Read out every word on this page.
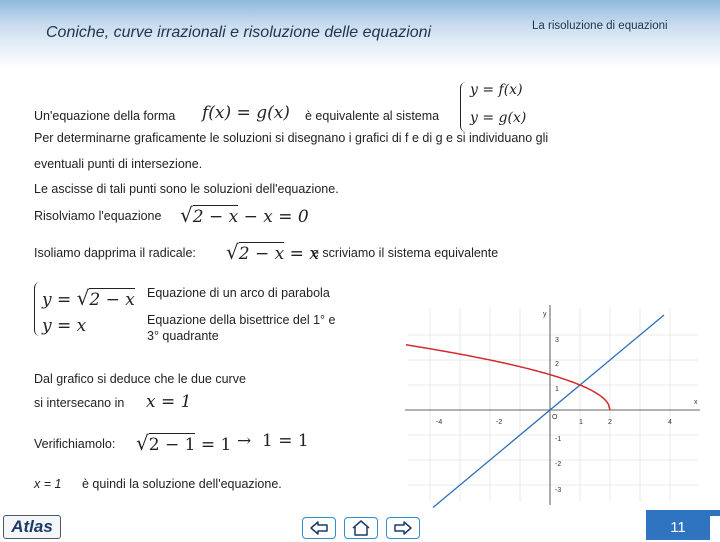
Coniche, curve irrazionali e risoluzione delle equazioni	La risoluzione di equazioni
Un'equazione della forma f(x) = g(x) è equivalente al sistema
y = f(x)
y = g(x)
Per determinarne graficamente le soluzioni si disegnano i grafici di f e di g e si individuano gli
eventuali punti di intersezione.
Le ascisse di tali punti sono le soluzioni dell'equazione.
Risolviamo l'equazione √2 − x − x = 0
Isoliamo dapprima il radicale: √2 − x = x
e scriviamo il sistema equivalente
y = √2 − x
y = x
Equazione di un arco di parabola
Equazione della bisettrice del 1° e
3° quadrante
Dal grafico si deduce che le due curve
si intersecano in x = 1
Verifichiamolo: √2 − 1 = 1 → 1 = 1
x = 1 è quindi la soluzione dell'equazione.
x
y
O
-4	-2	1	2	4
3
2
1
-1
-2
-3
Atlas	11
